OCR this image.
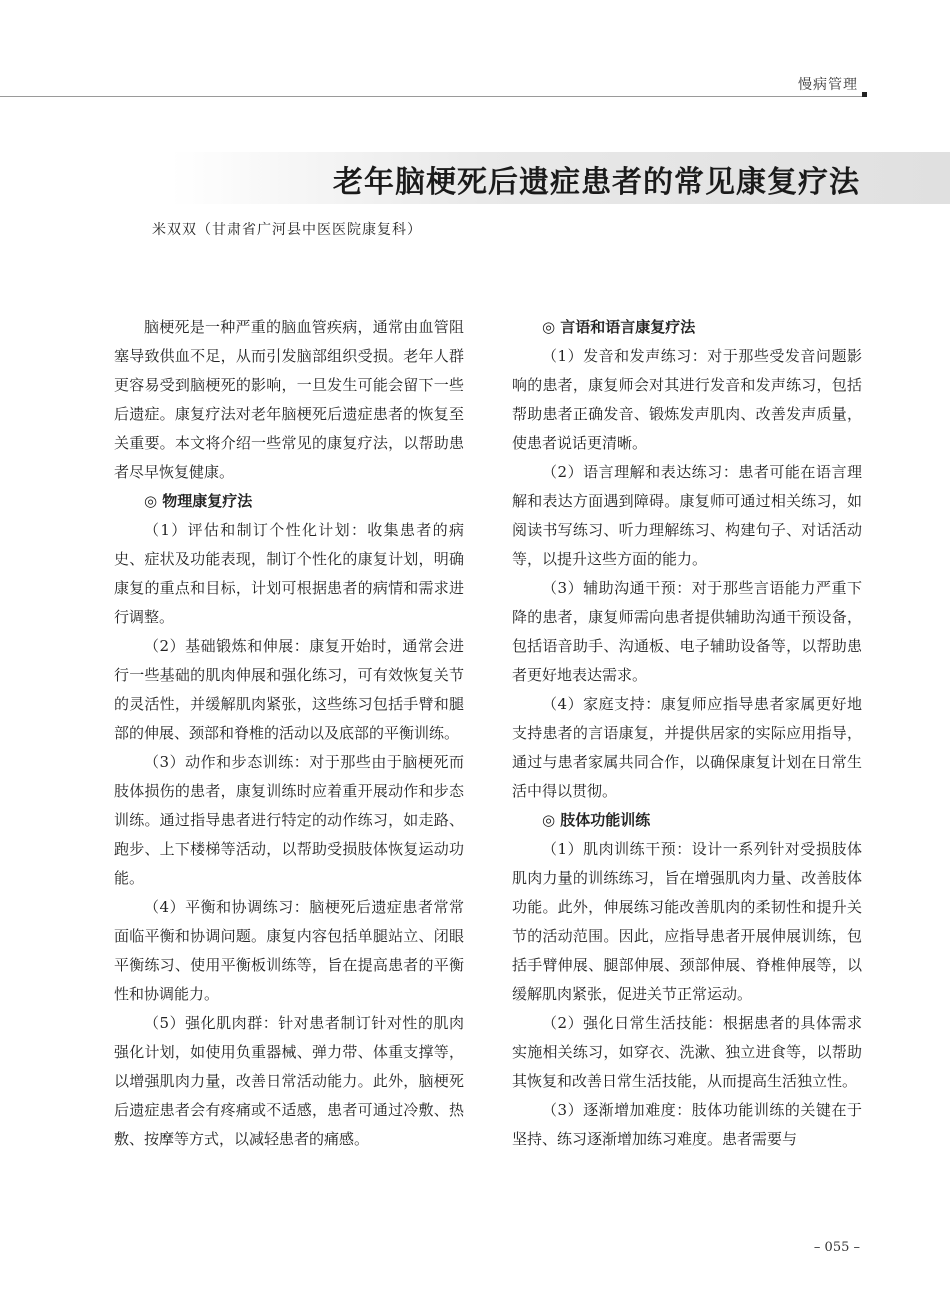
慢病管理
老年脑梗死后遗症患者的常见康复疗法
米双双（甘肃省广河县中医医院康复科）

脑梗死是一种严重的脑血管疾病，通常由血管阻塞导致供血不足，从而引发脑部组织受损。老年人群更容易受到脑梗死的影响，一旦发生可能会留下一些后遗症。康复疗法对老年脑梗死后遗症患者的恢复至关重要。本文将介绍一些常见的康复疗法，以帮助患者尽早恢复健康。

◎ 物理康复疗法

（1）评估和制订个性化计划：收集患者的病史、症状及功能表现，制订个性化的康复计划，明确康复的重点和目标，计划可根据患者的病情和需求进行调整。

（2）基础锻炼和伸展：康复开始时，通常会进行一些基础的肌肉伸展和强化练习，可有效恢复关节的灵活性，并缓解肌肉紧张，这些练习包括手臂和腿部的伸展、颈部和脊椎的活动以及底部的平衡训练。

（3）动作和步态训练：对于那些由于脑梗死而肢体损伤的患者，康复训练时应着重开展动作和步态训练。通过指导患者进行特定的动作练习，如走路、跑步、上下楼梯等活动，以帮助受损肢体恢复运动功能。

（4）平衡和协调练习：脑梗死后遗症患者常常面临平衡和协调问题。康复内容包括单腿站立、闭眼平衡练习、使用平衡板训练等，旨在提高患者的平衡性和协调能力。

（5）强化肌肉群：针对患者制订针对性的肌肉强化计划，如使用负重器械、弹力带、体重支撑等，以增强肌肉力量，改善日常活动能力。此外，脑梗死后遗症患者会有疼痛或不适感，患者可通过冷敷、热敷、按摩等方式，以减轻患者的痛感。

◎ 言语和语言康复疗法

（1）发音和发声练习：对于那些受发音问题影响的患者，康复师会对其进行发音和发声练习，包括帮助患者正确发音、锻炼发声肌肉、改善发声质量，使患者说话更清晰。

（2）语言理解和表达练习：患者可能在语言理解和表达方面遇到障碍。康复师可通过相关练习，如阅读书写练习、听力理解练习、构建句子、对话活动等，以提升这些方面的能力。

（3）辅助沟通干预：对于那些言语能力严重下降的患者，康复师需向患者提供辅助沟通干预设备，包括语音助手、沟通板、电子辅助设备等，以帮助患者更好地表达需求。

（4）家庭支持：康复师应指导患者家属更好地支持患者的言语康复，并提供居家的实际应用指导，通过与患者家属共同合作，以确保康复计划在日常生活中得以贯彻。

◎ 肢体功能训练

（1）肌肉训练干预：设计一系列针对受损肢体肌肉力量的训练练习，旨在增强肌肉力量、改善肢体功能。此外，伸展练习能改善肌肉的柔韧性和提升关节的活动范围。因此，应指导患者开展伸展训练，包括手臂伸展、腿部伸展、颈部伸展、脊椎伸展等，以缓解肌肉紧张，促进关节正常运动。

（2）强化日常生活技能：根据患者的具体需求实施相关练习，如穿衣、洗漱、独立进食等，以帮助其恢复和改善日常生活技能，从而提高生活独立性。

（3）逐渐增加难度：肢体功能训练的关键在于坚持、练习逐渐增加练习难度。患者需要与

– 055 –
